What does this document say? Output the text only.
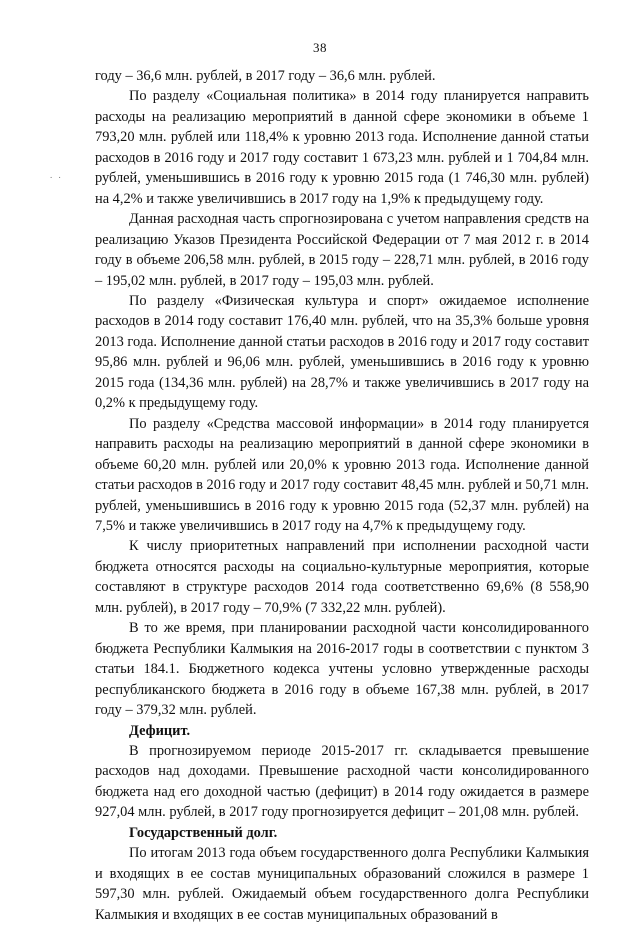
38
. .

году – 36,6 млн. рублей, в 2017 году – 36,6 млн. рублей.

По разделу «Социальная политика» в 2014 году планируется направить расходы на реализацию мероприятий в данной сфере экономики в объеме 1 793,20 млн. рублей или 118,4% к уровню 2013 года. Исполнение данной статьи расходов в 2016 году и 2017 году составит 1 673,23 млн. рублей и 1 704,84 млн. рублей, уменьшившись в 2016 году к уровню 2015 года (1 746,30 млн. рублей) на 4,2% и также увеличившись в 2017 году на 1,9% к предыдущему году.

Данная расходная часть спрогнозирована с учетом направления средств на реализацию Указов Президента Российской Федерации от 7 мая 2012 г. в 2014 году в объеме 206,58 млн. рублей, в 2015 году – 228,71 млн. рублей, в 2016 году – 195,02 млн. рублей, в 2017 году – 195,03 млн. рублей.

По разделу «Физическая культура и спорт» ожидаемое исполнение расходов в 2014 году составит 176,40 млн. рублей, что на 35,3% больше уровня 2013 года. Исполнение данной статьи расходов в 2016 году и 2017 году составит 95,86 млн. рублей и 96,06 млн. рублей, уменьшившись в 2016 году к уровню 2015 года (134,36 млн. рублей) на 28,7% и также увеличившись в 2017 году на 0,2% к предыдущему году.

По разделу «Средства массовой информации» в 2014 году планируется направить расходы на реализацию мероприятий в данной сфере экономики в объеме 60,20 млн. рублей или 20,0% к уровню 2013 года. Исполнение данной статьи расходов в 2016 году и 2017 году составит 48,45 млн. рублей и 50,71 млн. рублей, уменьшившись в 2016 году к уровню 2015 года (52,37 млн. рублей) на 7,5% и также увеличившись в 2017 году на 4,7% к предыдущему году.

К числу приоритетных направлений при исполнении расходной части бюджета относятся расходы на социально-культурные мероприятия, которые составляют в структуре расходов 2014 года соответственно 69,6% (8 558,90 млн. рублей), в 2017 году – 70,9% (7 332,22 млн. рублей).

В то же время, при планировании расходной части консолидированного бюджета Республики Калмыкия на 2016-2017 годы в соответствии с пунктом 3 статьи 184.1. Бюджетного кодекса учтены условно утвержденные расходы республиканского бюджета в 2016 году в объеме 167,38 млн. рублей, в 2017 году – 379,32 млн. рублей.

Дефицит.

В прогнозируемом периоде 2015-2017 гг. складывается превышение расходов над доходами. Превышение расходной части консолидированного бюджета над его доходной частью (дефицит) в 2014 году ожидается в размере 927,04 млн. рублей, в 2017 году прогнозируется дефицит – 201,08 млн. рублей.

Государственный долг.

По итогам 2013 года объем государственного долга Республики Калмыкия и входящих в ее состав муниципальных образований сложился в размере 1 597,30 млн. рублей. Ожидаемый объем государственного долга Республики Калмыкия и входящих в ее состав муниципальных образований в
